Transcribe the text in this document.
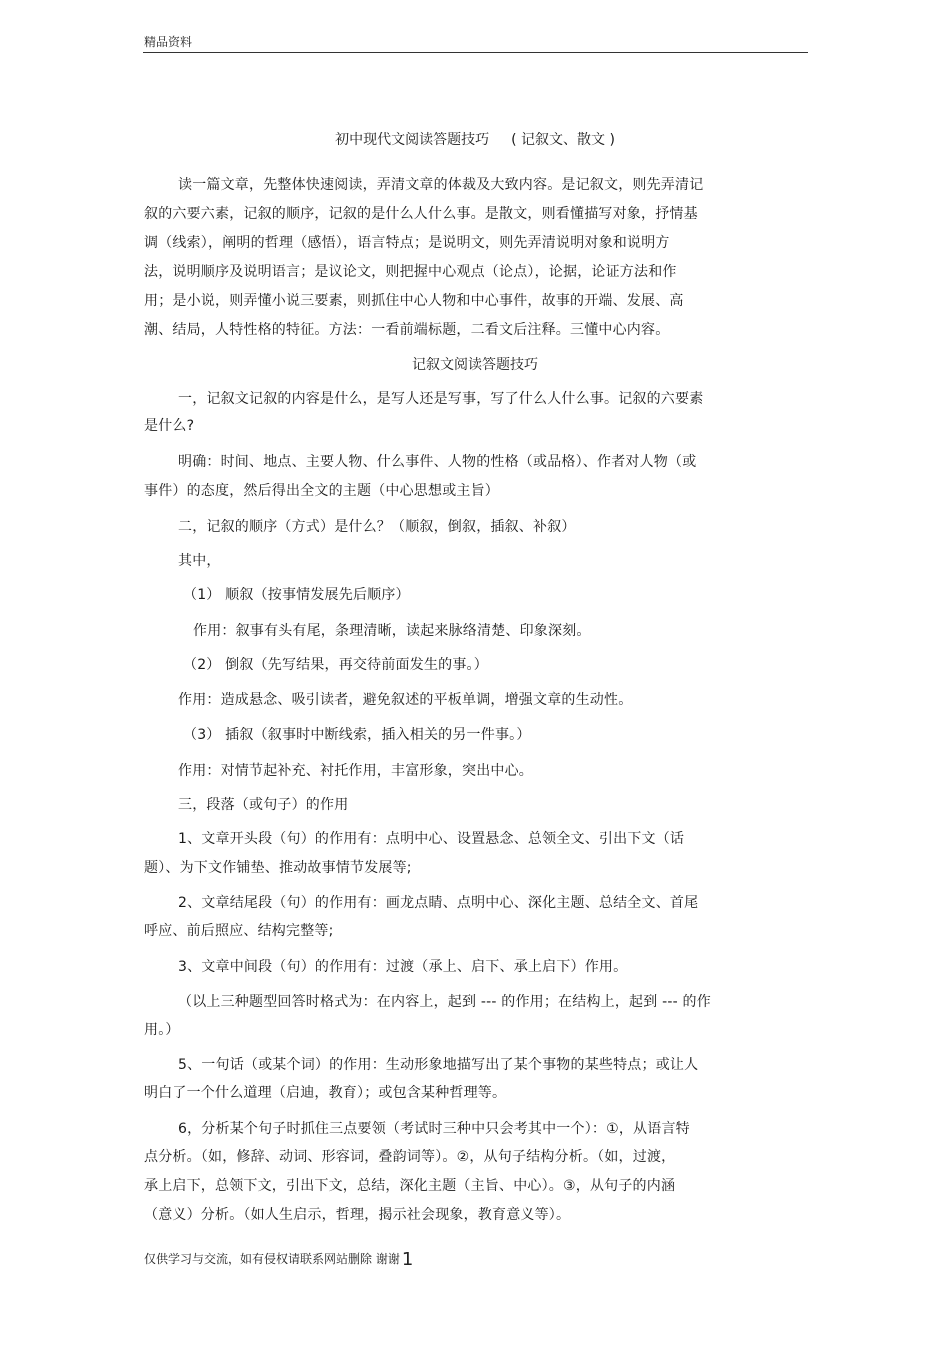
精品资料
初中现代文阅读答题技巧 ( 记叙文、散文 )
读一篇文章，先整体快速阅读，弄清文章的体裁及大致内容。是记叙文，则先弄清记
叙的六要六素，记叙的顺序，记叙的是什么人什么事。是散文，则看懂描写对象，抒情基
调（线索），阐明的哲理（感悟），语言特点；是说明文，则先弄清说明对象和说明方
法，说明顺序及说明语言；是议论文，则把握中心观点（论点），论据，论证方法和作
用；是小说，则弄懂小说三要素，则抓住中心人物和中心事件，故事的开端、发展、高
潮、结局，人特性格的特征。方法：一看前端标题，二看文后注释。三懂中心内容。
记叙文阅读答题技巧
一，记叙文记叙的内容是什么，是写人还是写事，写了什么人什么事。记叙的六要素
是什么?
明确：时间、地点、主要人物、什么事件、人物的性格（或品格）、作者对人物（或
事件）的态度，然后得出全文的主题（中心思想或主旨）
二，记叙的顺序（方式）是什么？（顺叙，倒叙，插叙、补叙）
其中，
（1） 顺叙（按事情发展先后顺序）
作用：叙事有头有尾，条理清晰，读起来脉络清楚、印象深刻。
（2） 倒叙（先写结果，再交待前面发生的事。）
作用：造成悬念、吸引读者，避免叙述的平板单调，增强文章的生动性。
（3） 插叙（叙事时中断线索，插入相关的另一件事。）
作用：对情节起补充、衬托作用，丰富形象，突出中心。
三，段落（或句子）的作用
1、文章开头段（句）的作用有：点明中心、设置悬念、总领全文、引出下文（话
题）、为下文作铺垫、推动故事情节发展等;
2、文章结尾段（句）的作用有：画龙点睛、点明中心、深化主题、总结全文、首尾
呼应、前后照应、结构完整等;
3、文章中间段（句）的作用有：过渡（承上、启下、承上启下）作用。
（以上三种题型回答时格式为：在内容上，起到 --- 的作用；在结构上，起到 --- 的作
用。）
5、一句话（或某个词）的作用：生动形象地描写出了某个事物的某些特点；或让人
明白了一个什么道理（启迪，教育）；或包含某种哲理等。
6，分析某个句子时抓住三点要领（考试时三种中只会考其中一个）：①，从语言特
点分析。（如，修辞、动词、形容词，叠韵词等）。②，从句子结构分析。（如，过渡，
承上启下，总领下文，引出下文，总结，深化主题（主旨、中心）。③，从句子的内涵
（意义）分析。（如人生启示，哲理，揭示社会现象，教育意义等）。
仅供学习与交流，如有侵权请联系网站删除 谢谢 1
